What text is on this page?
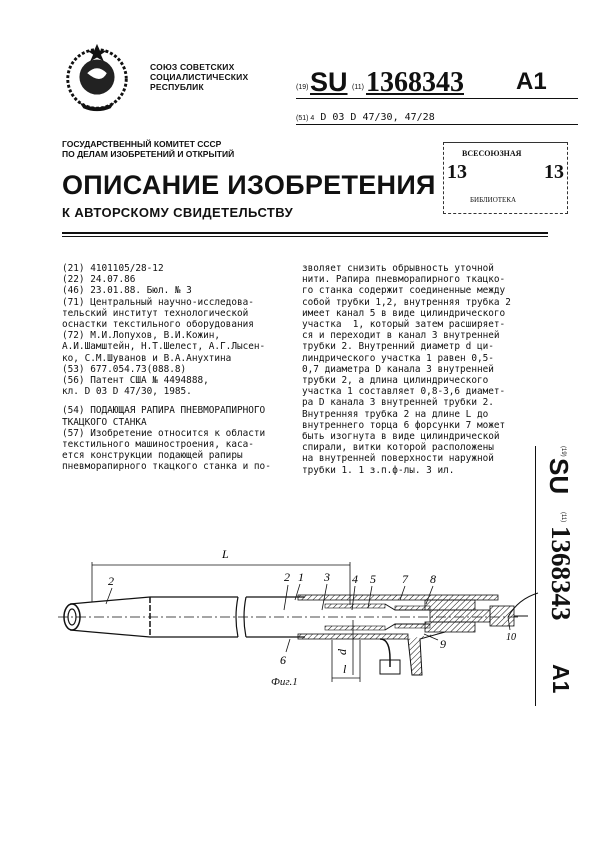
СОЮЗ СОВЕТСКИХ
СОЦИАЛИСТИЧЕСКИХ
РЕСПУБЛИК	(19) SU (11) 1368343 A1
(51) 4 D 03 D 47/30, 47/28
ГОСУДАРСТВЕННЫЙ КОМИТЕТ СССР
ПО ДЕЛАМ ИЗОБРЕТЕНИЙ И ОТКРЫТИЙ
ОПИСАНИЕ ИЗОБРЕТЕНИЯ
К АВТОРСКОМУ СВИДЕТЕЛЬСТВУ
ВСЕСОЮЗНАЯ
13	13
БИБЛИОТЕКА
(21) 4101105/28-12
(22) 24.07.86
(46) 23.01.88. Бюл. № 3
(71) Центральный научно-исследова-
тельский институт технологической
оснастки текстильного оборудования
(72) М.И.Лопухов, В.И.Кожин,
А.И.Шамштейн, Н.Т.Шелест, А.Г.Лысен-
ко, С.М.Шуванов и В.А.Анухтина
(53) 677.054.73(088.8)
(56) Патент США № 4494888,
кл. D 03 D 47/30, 1985.
(54) ПОДАЮЩАЯ РАПИРА ПНЕВМОРАПИРНОГО
ТКАЦКОГО СТАНКА
(57) Изобретение относится к области
текстильного машиностроения, каса-
ется конструкции подающей рапиры
пневморапирного ткацкого станка и по-
зволяет снизить обрывность уточной
нити. Рапира пневморапирного ткацко-
го станка содержит соединенные между
собой трубки 1,2, внутренняя трубка 2
имеет канал 5 в виде цилиндрического
участка  1, который затем расширяет-
ся и переходит в канал 3 внутренней
трубки 2. Внутренний диаметр d ци-
линдрического участка 1 равен 0,5-
0,7 диаметра D канала 3 внутренней
трубки 2, а длина цилиндрического
участка 1 составляет 0,8-3,6 диамет-
ра D канала 3 внутренней трубки 2.
Внутренняя трубка 2 на длине L до
внутреннего торца 6 форсунки 7 может
быть изогнута в виде цилиндрической
спирали, витки которой расположены
на внутренней поверхности наружной
трубки 1. 1 з.п.ф-лы. 3 ил.
(19)
SU
(11)
1368343
A1
L
l
d
2	2 1 3 4 5 7 8
6
9	10
Фиг.1
